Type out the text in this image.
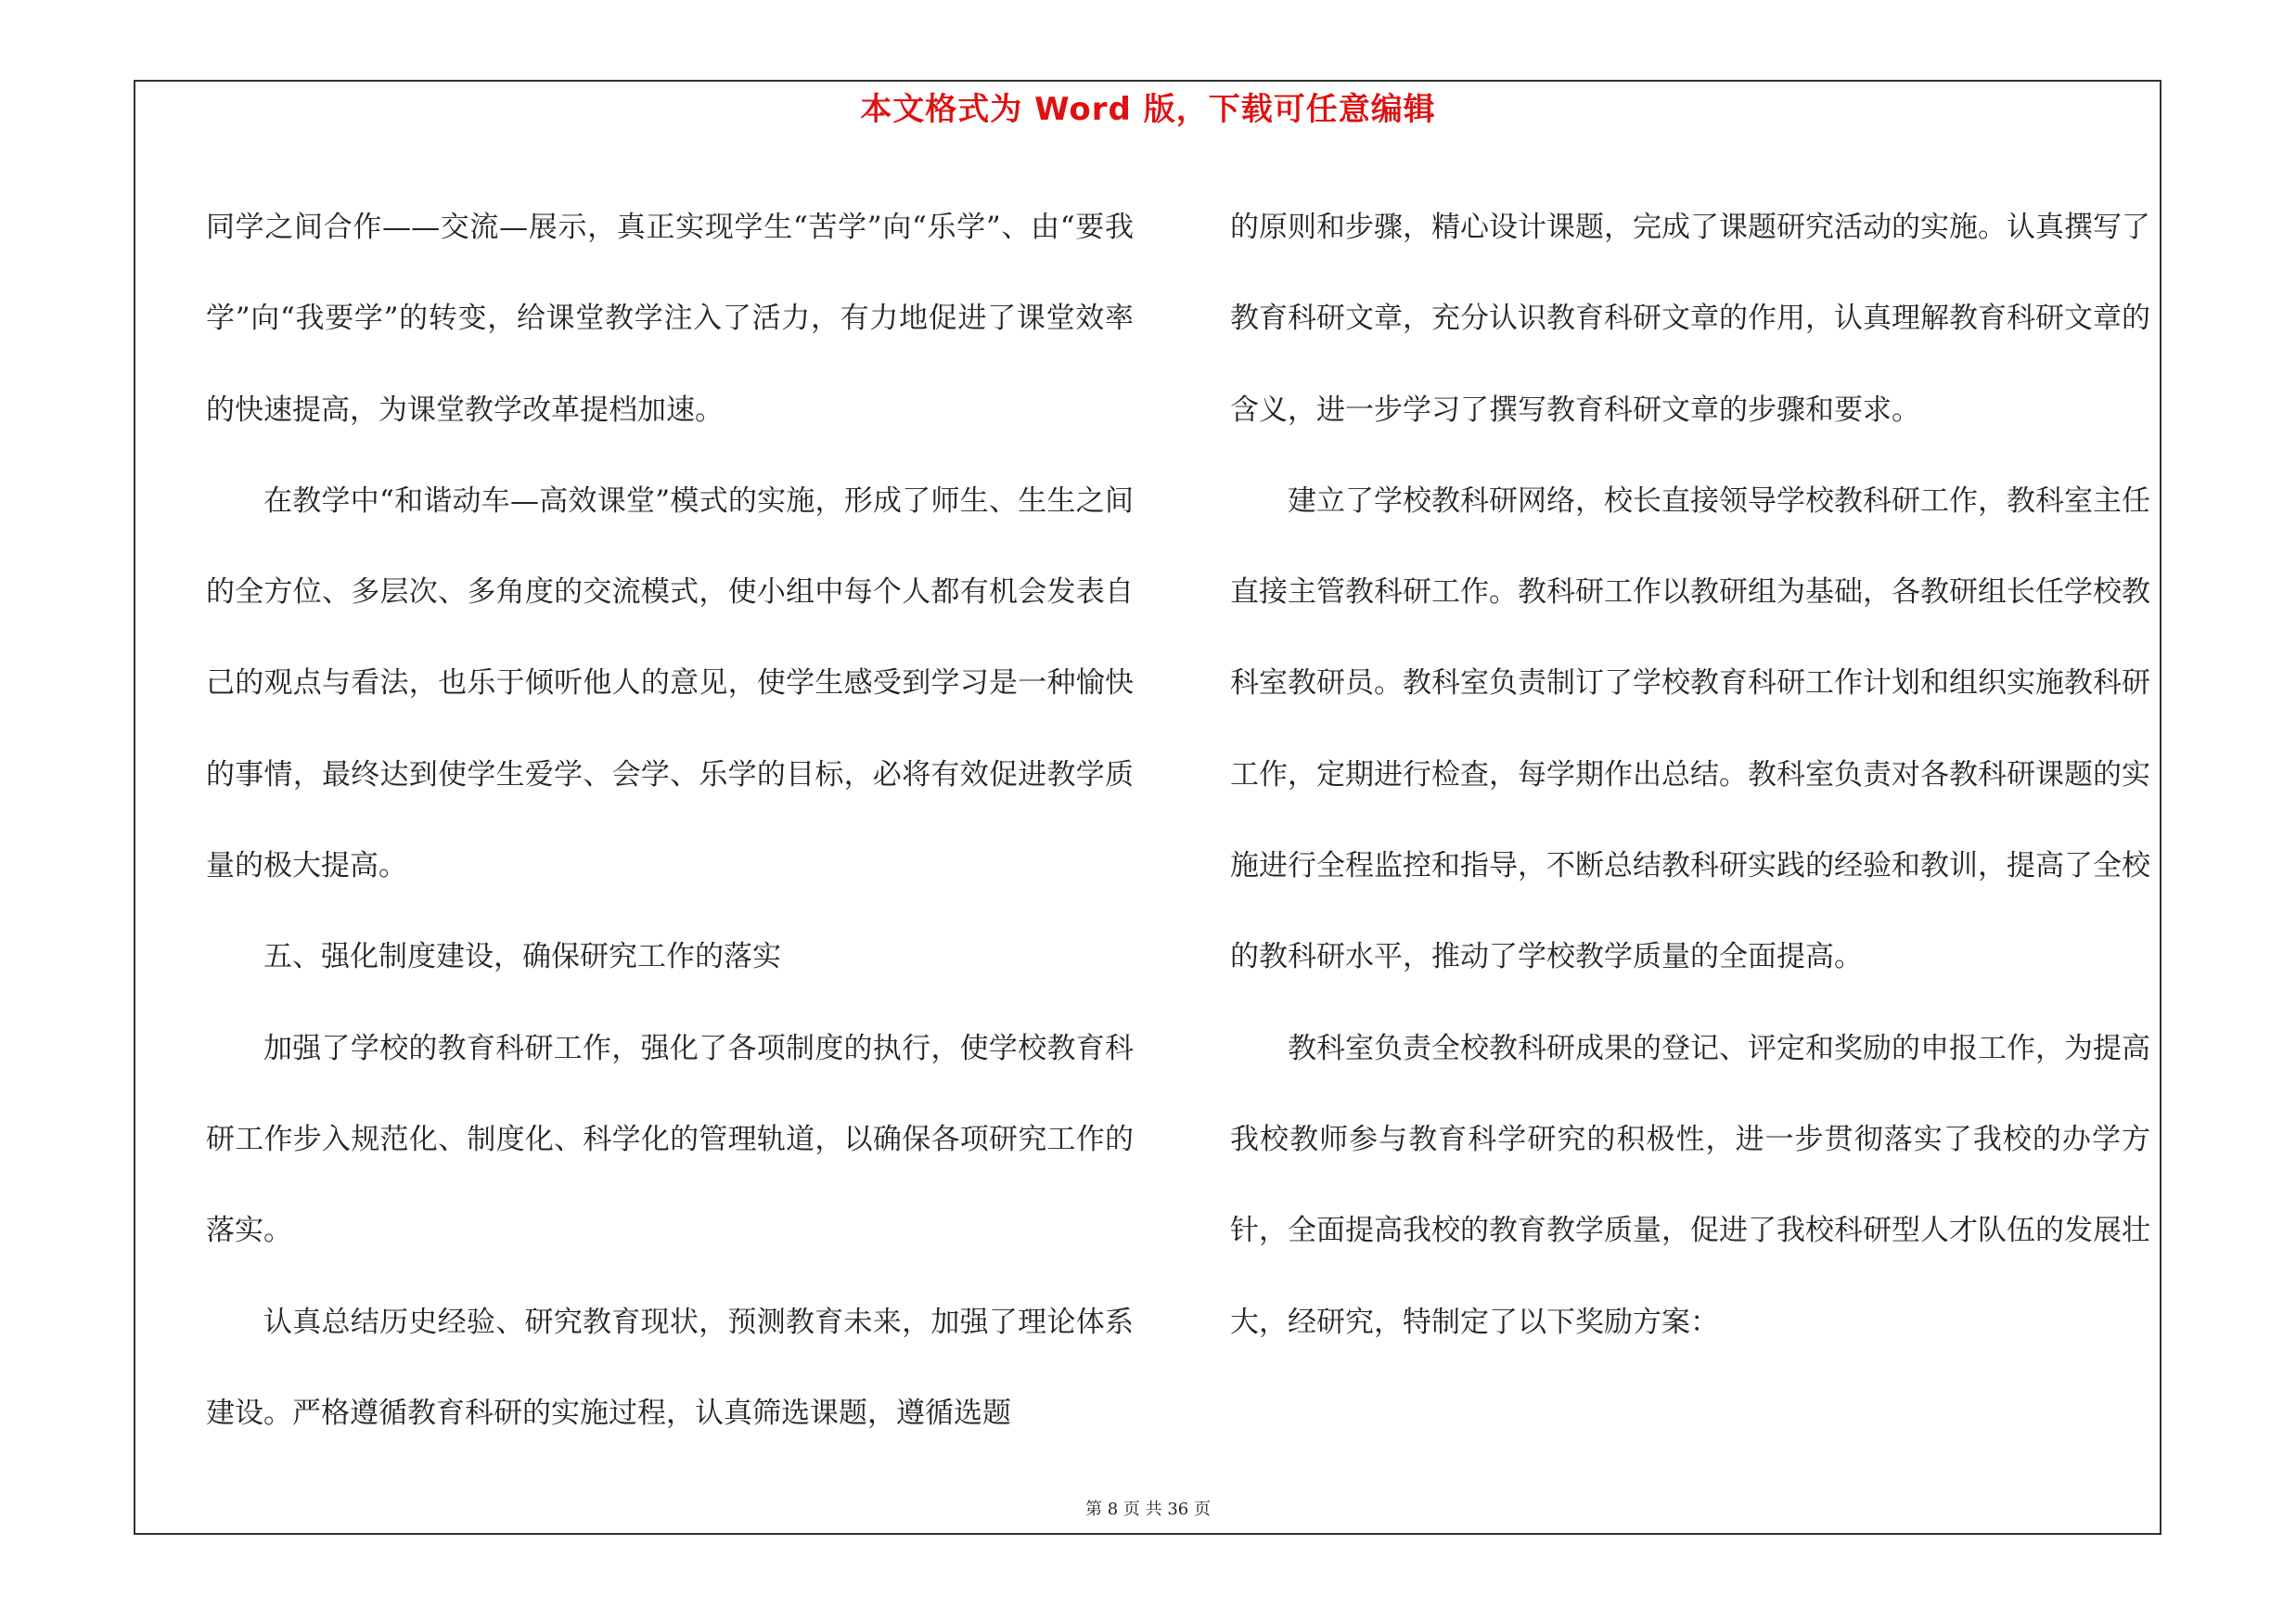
本文格式为 Word 版，下载可任意编辑

同学之间合作——交流—展示，真正实现学生“苦学”向“乐学”、由“要我学”向“我要学”的转变，给课堂教学注入了活力，有力地促进了课堂效率的快速提高，为课堂教学改革提档加速。

在教学中“和谐动车—高效课堂”模式的实施，形成了师生、生生之间的全方位、多层次、多角度的交流模式，使小组中每个人都有机会发表自己的观点与看法，也乐于倾听他人的意见，使学生感受到学习是一种愉快的事情，最终达到使学生爱学、会学、乐学的目标，必将有效促进教学质量的极大提高。

五、强化制度建设，确保研究工作的落实

加强了学校的教育科研工作，强化了各项制度的执行，使学校教育科研工作步入规范化、制度化、科学化的管理轨道，以确保各项研究工作的落实。

认真总结历史经验、研究教育现状，预测教育未来，加强了理论体系建设。严格遵循教育科研的实施过程，认真筛选课题，遵循选题

的原则和步骤，精心设计课题，完成了课题研究活动的实施。认真撰写了教育科研文章，充分认识教育科研文章的作用，认真理解教育科研文章的含义，进一步学习了撰写教育科研文章的步骤和要求。

建立了学校教科研网络，校长直接领导学校教科研工作，教科室主任直接主管教科研工作。教科研工作以教研组为基础，各教研组长任学校教科室教研员。教科室负责制订了学校教育科研工作计划和组织实施教科研工作，定期进行检查，每学期作出总结。教科室负责对各教科研课题的实施进行全程监控和指导，不断总结教科研实践的经验和教训，提高了全校的教科研水平，推动了学校教学质量的全面提高。

教科室负责全校教科研成果的登记、评定和奖励的申报工作，为提高我校教师参与教育科学研究的积极性，进一步贯彻落实了我校的办学方针，全面提高我校的教育教学质量，促进了我校科研型人才队伍的发展壮大，经研究，特制定了以下奖励方案：

第 8 页 共 36 页
